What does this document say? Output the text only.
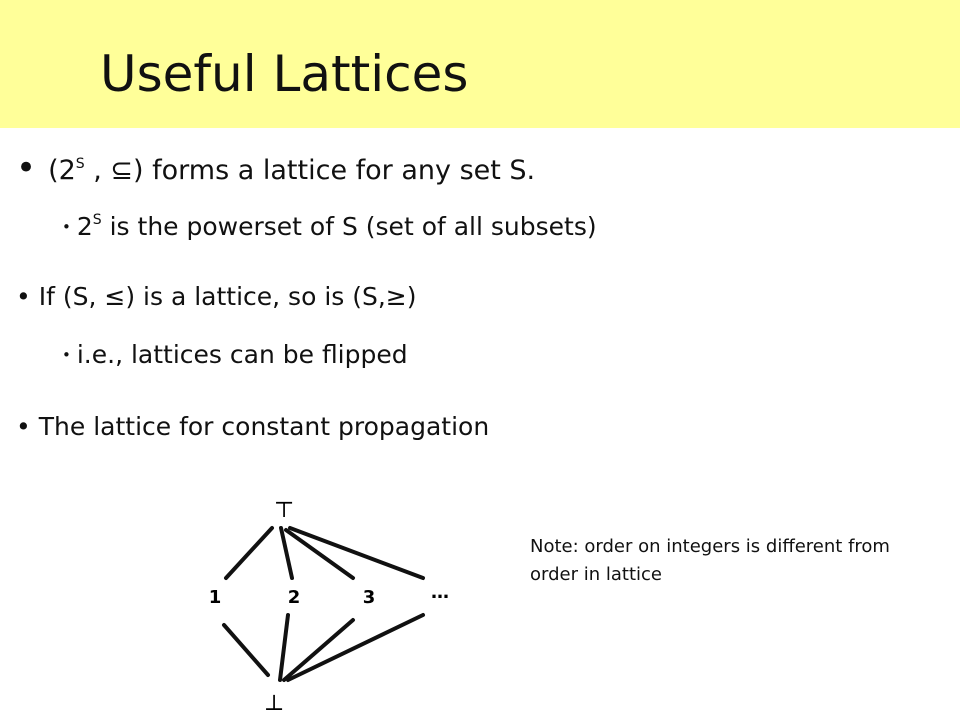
Useful Lattices
• ($2^S$ , ⊆) forms a lattice for any set S.
• $2^S$ is the powerset of S (set of all subsets)
• If (S, ≤) is a lattice, so is (S,≥)
• i.e., lattices can be flipped
• The lattice for constant propagation
⊤
⊥
1	2	3	…
Note: order on integers is different from order in lattice
